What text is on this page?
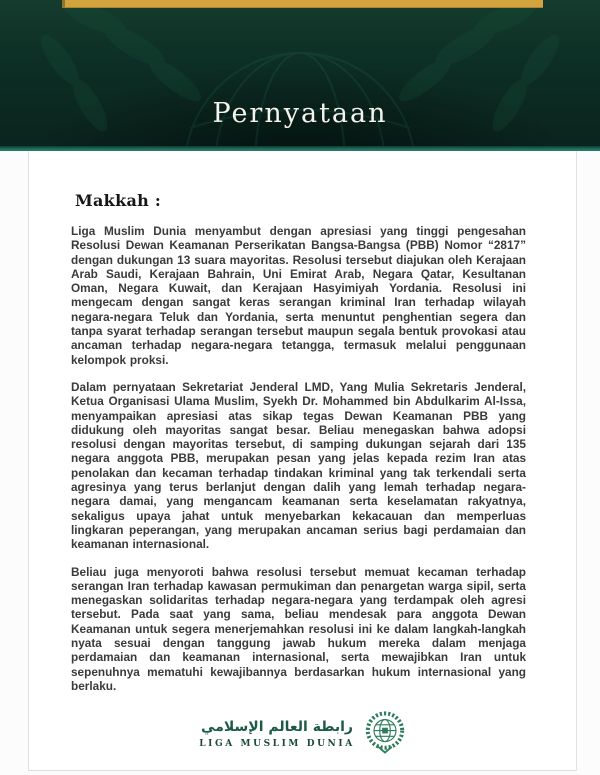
Pernyataan
Makkah :

Liga Muslim Dunia menyambut dengan apresiasi yang tinggi pengesahan Resolusi Dewan Keamanan Perserikatan Bangsa-Bangsa (PBB) Nomor “2817” dengan dukungan 13 suara mayoritas. Resolusi tersebut diajukan oleh Kerajaan Arab Saudi, Kerajaan Bahrain, Uni Emirat Arab, Negara Qatar, Kesultanan Oman, Negara Kuwait, dan Kerajaan Hasyimiyah Yordania. Resolusi ini mengecam dengan sangat keras serangan kriminal Iran terhadap wilayah negara-negara Teluk dan Yordania, serta menuntut penghentian segera dan tanpa syarat terhadap serangan tersebut maupun segala bentuk provokasi atau ancaman terhadap negara-negara tetangga, termasuk melalui penggunaan kelompok proksi.

Dalam pernyataan Sekretariat Jenderal LMD, Yang Mulia Sekretaris Jenderal, Ketua Organisasi Ulama Muslim, Syekh Dr. Mohammed bin Abdulkarim Al-Issa, menyampaikan apresiasi atas sikap tegas Dewan Keamanan PBB yang didukung oleh mayoritas sangat besar. Beliau menegaskan bahwa adopsi resolusi dengan mayoritas tersebut, di samping dukungan sejarah dari 135 negara anggota PBB, merupakan pesan yang jelas kepada rezim Iran atas penolakan dan kecaman terhadap tindakan kriminal yang tak terkendali serta agresinya yang terus berlanjut dengan dalih yang lemah terhadap negara-negara damai, yang mengancam keamanan serta keselamatan rakyatnya, sekaligus upaya jahat untuk menyebarkan kekacauan dan memperluas lingkaran peperangan, yang merupakan ancaman serius bagi perdamaian dan keamanan internasional.

Beliau juga menyoroti bahwa resolusi tersebut memuat kecaman terhadap serangan Iran terhadap kawasan permukiman dan penargetan warga sipil, serta menegaskan solidaritas terhadap negara-negara yang terdampak oleh agresi tersebut. Pada saat yang sama, beliau mendesak para anggota Dewan Keamanan untuk segera menerjemahkan resolusi ini ke dalam langkah-langkah nyata sesuai dengan tanggung jawab hukum mereka dalam menjaga perdamaian dan keamanan internasional, serta mewajibkan Iran untuk sepenuhnya mematuhi kewajibannya berdasarkan hukum internasional yang berlaku.

رابطة العالم الإسلامي
LIGA MUSLIM DUNIA
